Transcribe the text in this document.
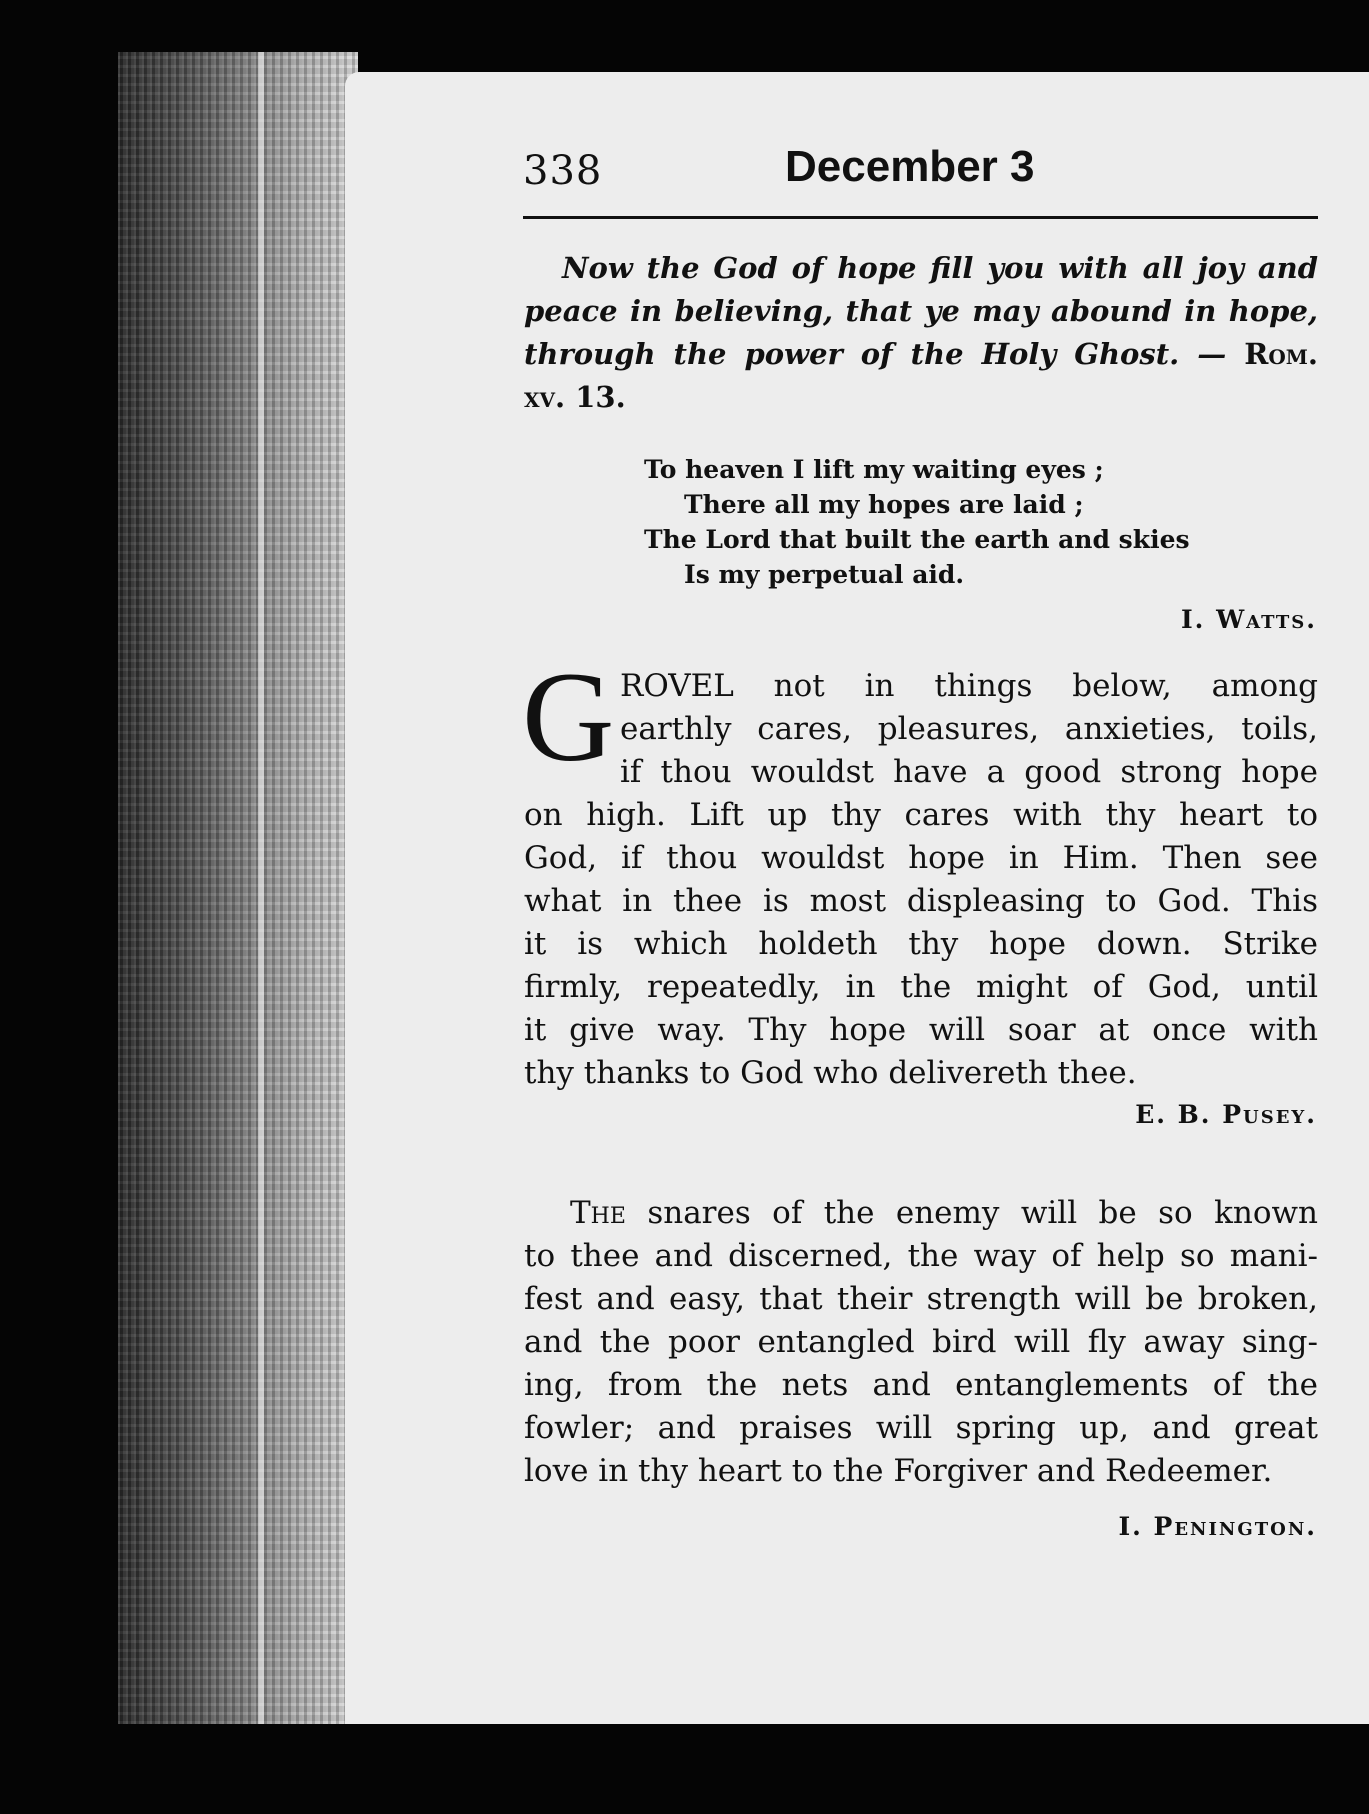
338	December 3
Now the God of hope fill you with all joy and
peace in believing, that ye may abound in hope,
through the power of the Holy Ghost. — Rom.
xv. 13.
To heaven I lift my waiting eyes ;
There all my hopes are laid ;
The Lord that built the earth and skies
Is my perpetual aid.
I. Watts.
G ROVEL not in things below, among
earthly cares, pleasures, anxieties, toils,
if thou wouldst have a good strong hope
on high. Lift up thy cares with thy heart to
God, if thou wouldst hope in Him. Then see
what in thee is most displeasing to God. This
it is which holdeth thy hope down. Strike
firmly, repeatedly, in the might of God, until
it give way. Thy hope will soar at once with
thy thanks to God who delivereth thee.
E. B. Pusey.
The snares of the enemy will be so known
to thee and discerned, the way of help so mani-
fest and easy, that their strength will be broken,
and the poor entangled bird will fly away sing-
ing, from the nets and entanglements of the
fowler; and praises will spring up, and great
love in thy heart to the Forgiver and Redeemer.
I. Penington.
